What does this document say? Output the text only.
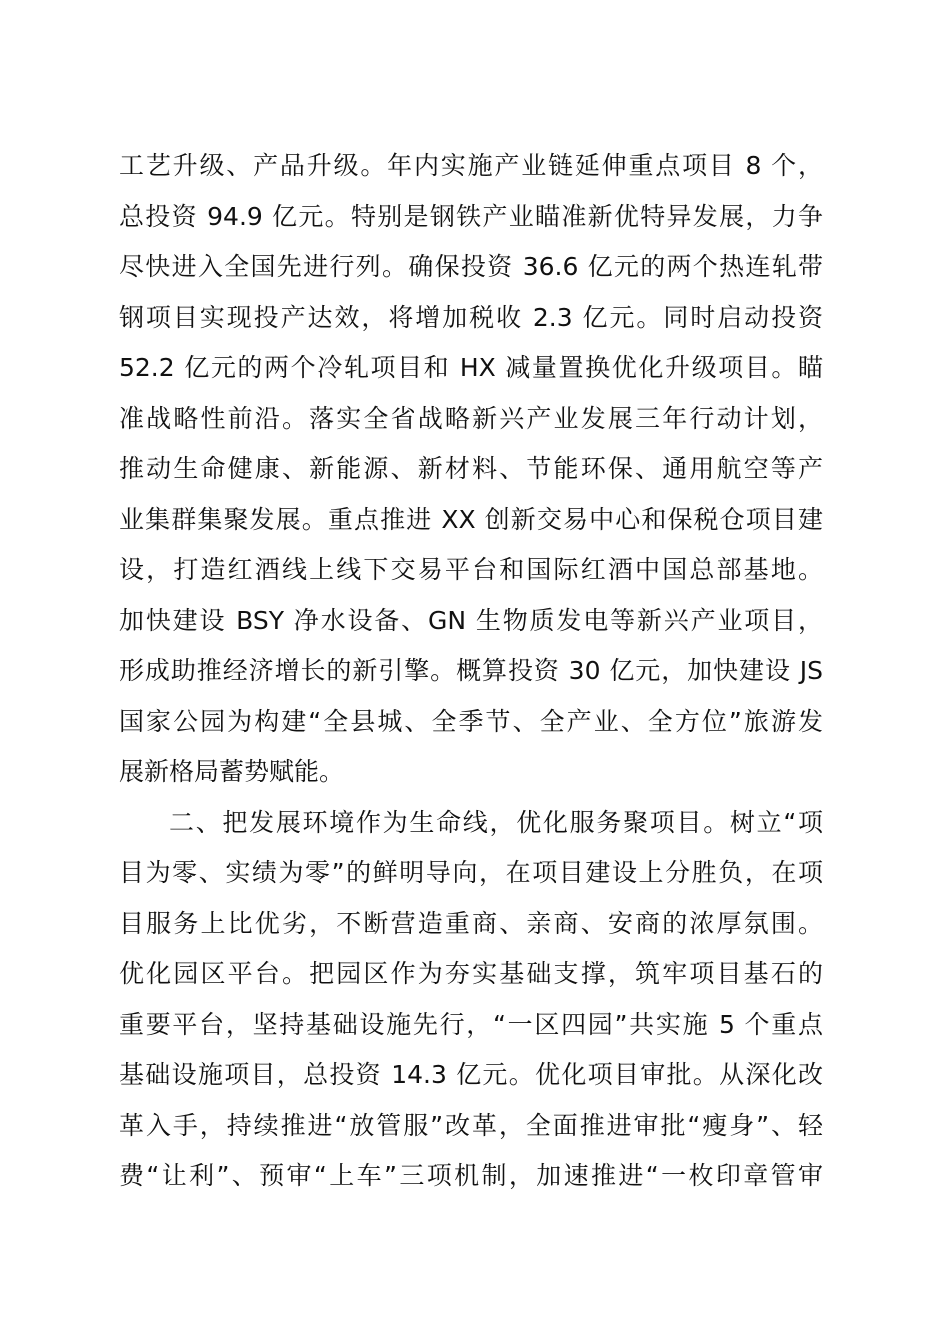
工艺升级、产品升级。年内实施产业链延伸重点项目 8 个，
总投资 94.9 亿元。特别是钢铁产业瞄准新优特异发展，力争
尽快进入全国先进行列。确保投资 36.6 亿元的两个热连轧带
钢项目实现投产达效，将增加税收 2.3 亿元。同时启动投资
52.2 亿元的两个冷轧项目和 HX 减量置换优化升级项目。瞄
准战略性前沿。落实全省战略新兴产业发展三年行动计划，
推动生命健康、新能源、新材料、节能环保、通用航空等产
业集群集聚发展。重点推进 XX 创新交易中心和保税仓项目建
设，打造红酒线上线下交易平台和国际红酒中国总部基地。
加快建设 BSY 净水设备、GN 生物质发电等新兴产业项目，
形成助推经济增长的新引擎。概算投资 30 亿元，加快建设 JS
国家公园为构建“全县城、全季节、全产业、全方位”旅游发
展新格局蓄势赋能。
二、把发展环境作为生命线，优化服务聚项目。树立“项
目为零、实绩为零”的鲜明导向，在项目建设上分胜负，在项
目服务上比优劣，不断营造重商、亲商、安商的浓厚氛围。
优化园区平台。把园区作为夯实基础支撑，筑牢项目基石的
重要平台，坚持基础设施先行，“一区四园”共实施 5 个重点
基础设施项目，总投资 14.3 亿元。优化项目审批。从深化改
革入手，持续推进“放管服”改革，全面推进审批“瘦身”、轻
费“让利”、预审“上车”三项机制，加速推进“一枚印章管审
